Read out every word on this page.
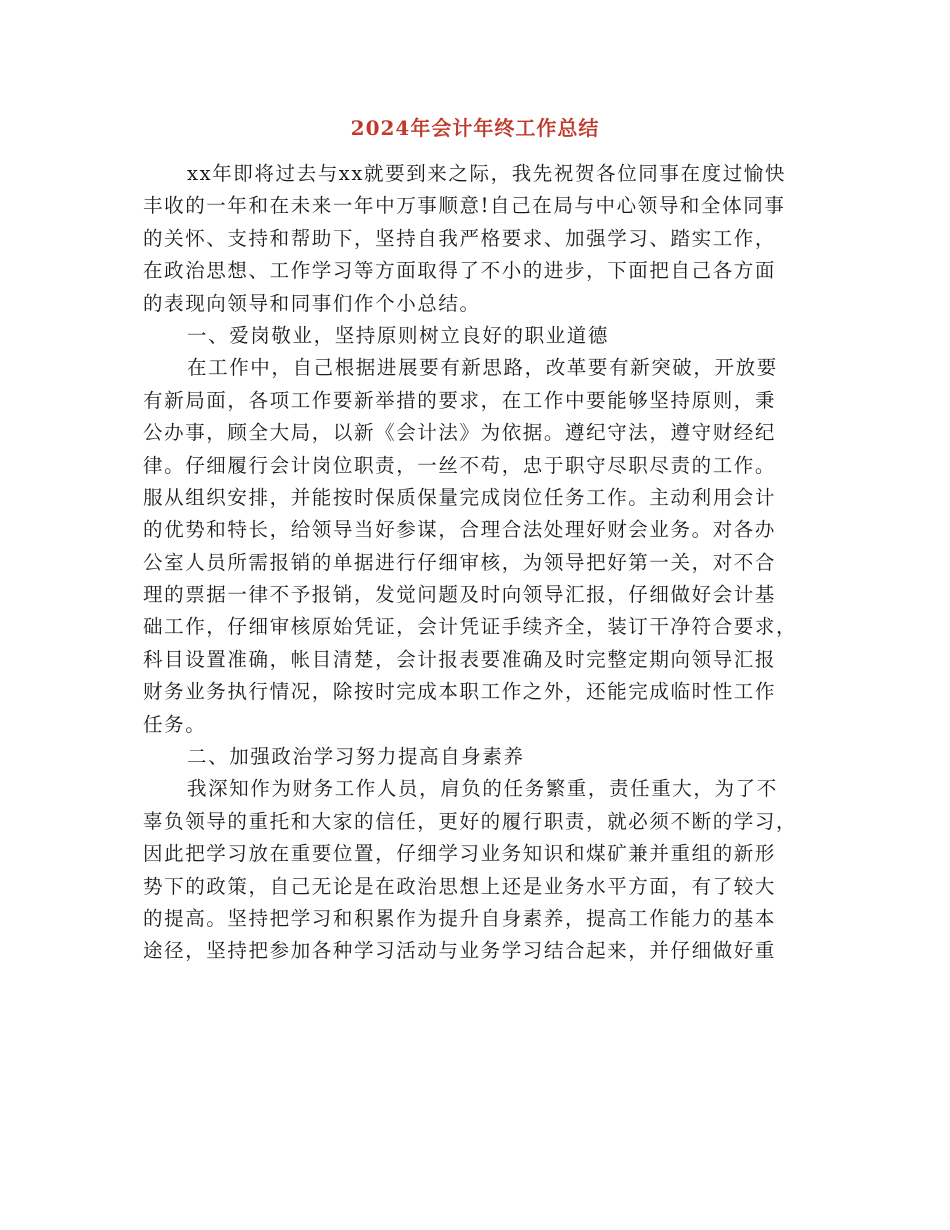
2024年会计年终工作总结
xx年即将过去与xx就要到来之际，我先祝贺各位同事在度过愉快
丰收的一年和在未来一年中万事顺意!自己在局与中心领导和全体同事
的关怀、支持和帮助下，坚持自我严格要求、加强学习、踏实工作，
在政治思想、工作学习等方面取得了不小的进步，下面把自己各方面
的表现向领导和同事们作个小总结。
一、爱岗敬业，坚持原则树立良好的职业道德
在工作中，自己根据进展要有新思路，改革要有新突破，开放要
有新局面，各项工作要新举措的要求，在工作中要能够坚持原则，秉
公办事，顾全大局，以新《会计法》为依据。遵纪守法，遵守财经纪
律。仔细履行会计岗位职责，一丝不苟，忠于职守尽职尽责的工作。
服从组织安排，并能按时保质保量完成岗位任务工作。主动利用会计
的优势和特长，给领导当好参谋，合理合法处理好财会业务。对各办
公室人员所需报销的单据进行仔细审核，为领导把好第一关，对不合
理的票据一律不予报销，发觉问题及时向领导汇报，仔细做好会计基
础工作，仔细审核原始凭证，会计凭证手续齐全，装订干净符合要求，
科目设置准确，帐目清楚，会计报表要准确及时完整定期向领导汇报
财务业务执行情况，除按时完成本职工作之外，还能完成临时性工作
任务。
二、加强政治学习努力提高自身素养
我深知作为财务工作人员，肩负的任务繁重，责任重大，为了不
辜负领导的重托和大家的信任，更好的履行职责，就必须不断的学习，
因此把学习放在重要位置，仔细学习业务知识和煤矿兼并重组的新形
势下的政策，自己无论是在政治思想上还是业务水平方面，有了较大
的提高。坚持把学习和积累作为提升自身素养，提高工作能力的基本
途径，坚持把参加各种学习活动与业务学习结合起来，并仔细做好重
